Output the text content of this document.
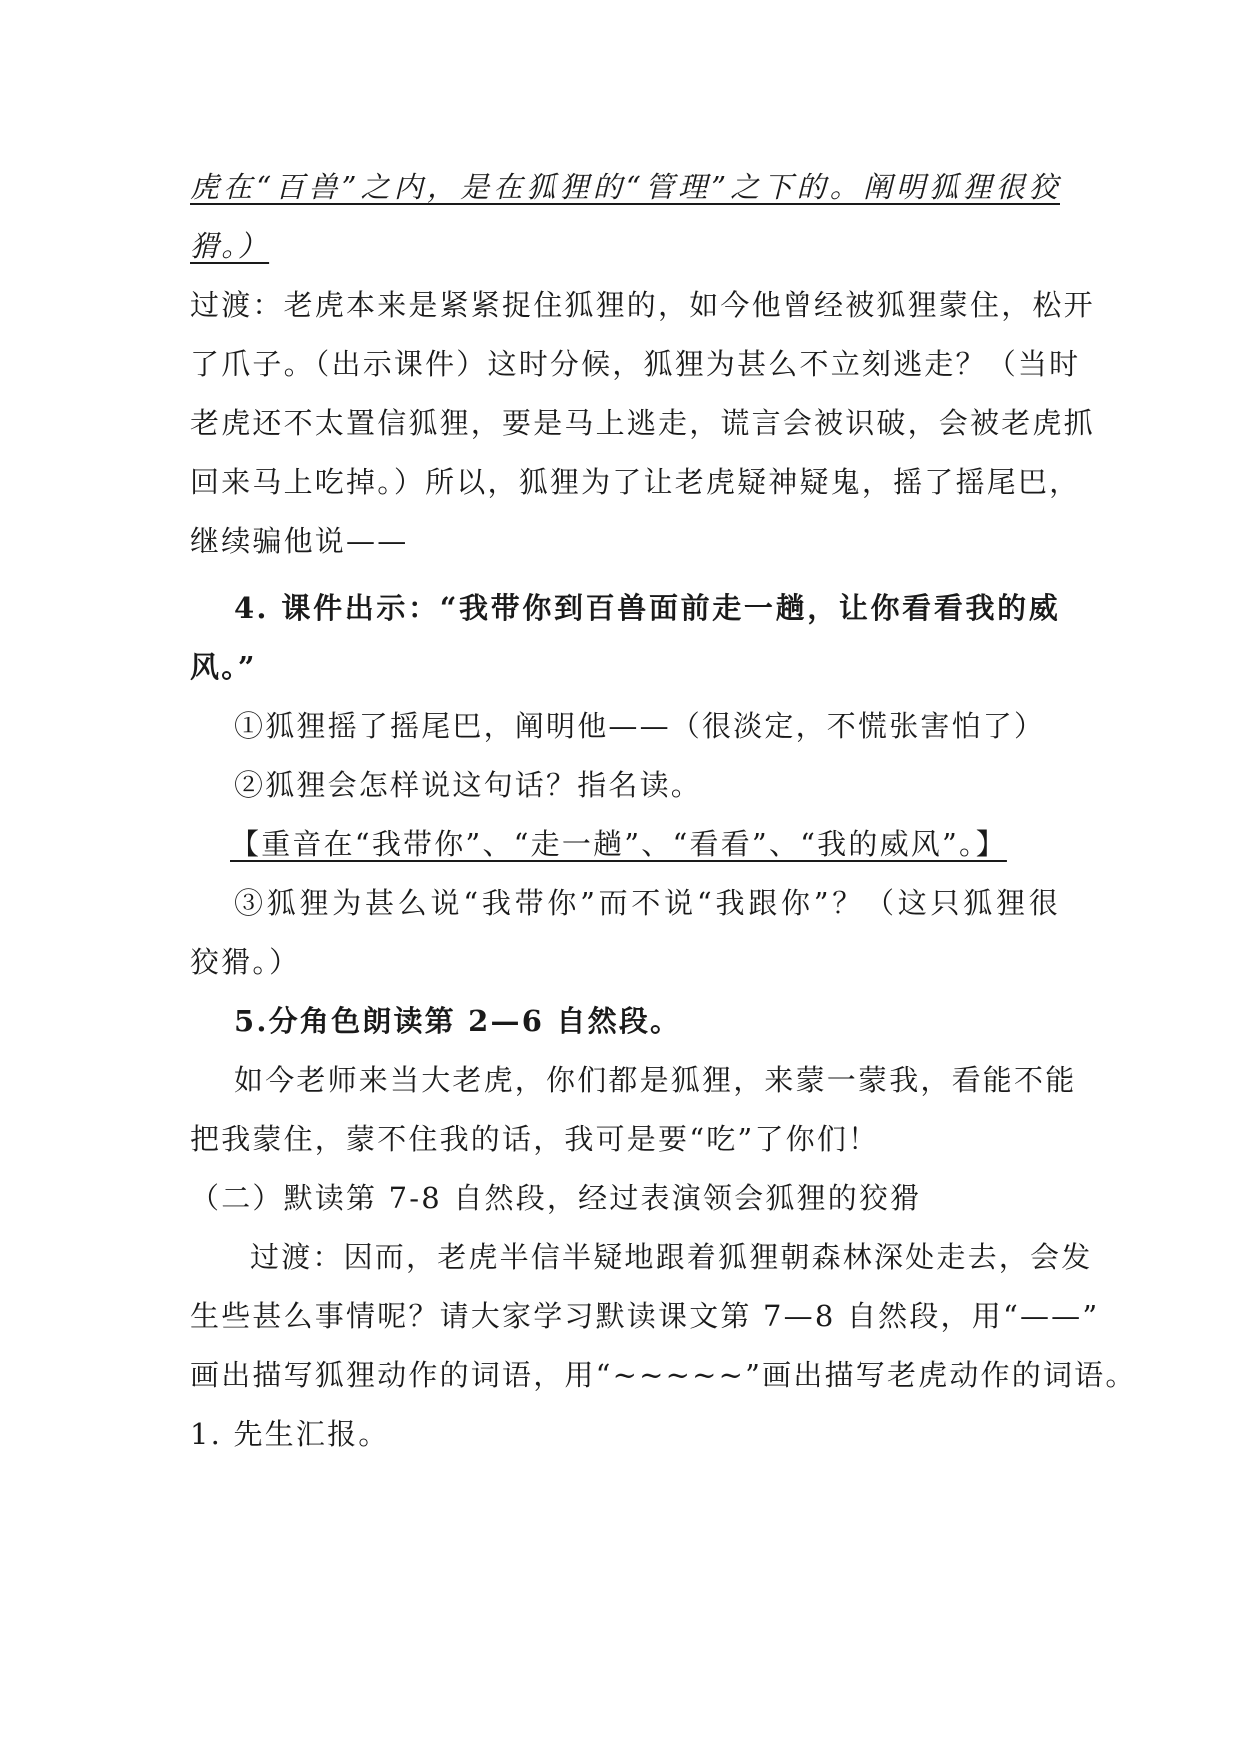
虎在“百兽”之内，是在狐狸的“管理”之下的。阐明狐狸很狡
猾。）
过渡：老虎本来是紧紧捉住狐狸的，如今他曾经被狐狸蒙住，松开
了爪子。（出示课件）这时分候，狐狸为甚么不立刻逃走？（当时
老虎还不太置信狐狸，要是马上逃走，谎言会被识破，会被老虎抓
回来马上吃掉。）所以，狐狸为了让老虎疑神疑鬼，摇了摇尾巴，
继续骗他说——
4. 课件出示：“我带你到百兽面前走一趟，让你看看我的威
风。”
①狐狸摇了摇尾巴，阐明他——（很淡定，不慌张害怕了）
②狐狸会怎样说这句话？指名读。
【重音在“我带你”、“走一趟”、“看看”、“我的威风”。】
③狐狸为甚么说“我带你”而不说“我跟你”？（这只狐狸很
狡猾。）
5.分角色朗读第 2—6 自然段。
如今老师来当大老虎，你们都是狐狸，来蒙一蒙我，看能不能
把我蒙住，蒙不住我的话，我可是要“吃”了你们！
（二）默读第 7-8 自然段，经过表演领会狐狸的狡猾
过渡：因而，老虎半信半疑地跟着狐狸朝森林深处走去，会发
生些甚么事情呢？请大家学习默读课文第 7—8 自然段，用“——”
画出描写狐狸动作的词语，用“~~~~~”画出描写老虎动作的词语。
1. 先生汇报。
